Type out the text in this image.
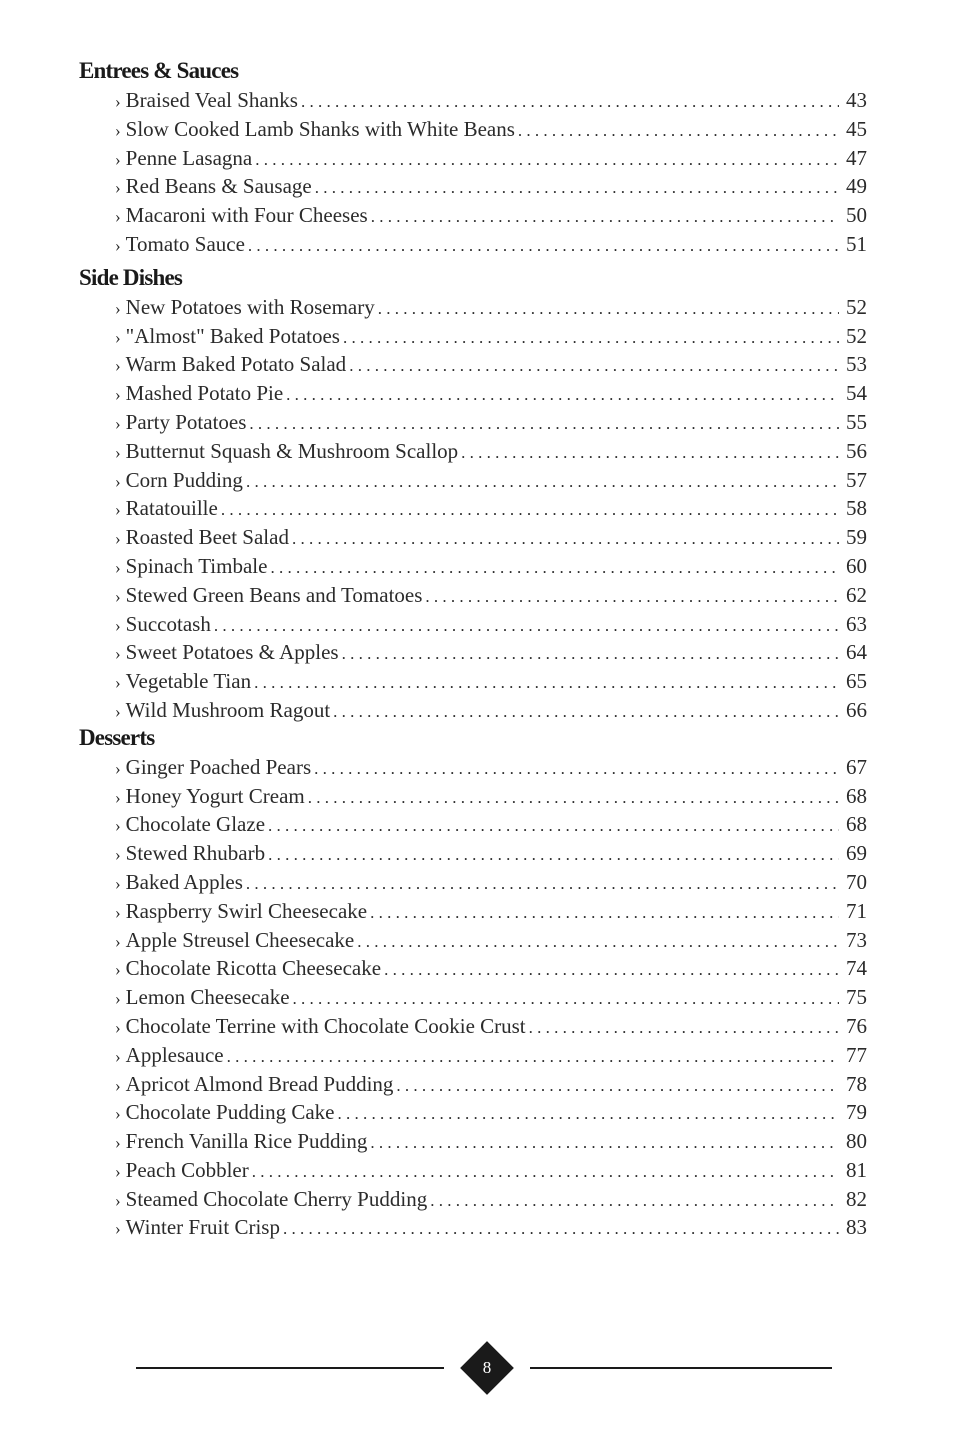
Entrees & Sauces
› Braised Veal Shanks . . .	43
› Slow Cooked Lamb Shanks with White Beans . . .	45
› Penne Lasagna . . .	47
› Red Beans & Sausage . . .	49
› Macaroni with Four Cheeses . . .	50
› Tomato Sauce . . .	51
Side Dishes
› New Potatoes with Rosemary . . .	52
› "Almost" Baked Potatoes . . .	52
› Warm Baked Potato Salad . . .	53
› Mashed Potato Pie . . .	54
› Party Potatoes . . .	55
› Butternut Squash & Mushroom Scallop . . .	56
› Corn Pudding . . .	57
› Ratatouille . . .	58
› Roasted Beet Salad . . .	59
› Spinach Timbale . . .	60
› Stewed Green Beans and Tomatoes . . .	62
› Succotash . . .	63
› Sweet Potatoes & Apples . . .	64
› Vegetable Tian . . .	65
› Wild Mushroom Ragout . . .	66
Desserts
› Ginger Poached Pears . . .	67
› Honey Yogurt Cream . . .	68
› Chocolate Glaze . . .	68
› Stewed Rhubarb . . .	69
› Baked Apples . . .	70
› Raspberry Swirl Cheesecake . . .	71
› Apple Streusel Cheesecake . . .	73
› Chocolate Ricotta Cheesecake . . .	74
› Lemon Cheesecake . . .	75
› Chocolate Terrine with Chocolate Cookie Crust . . .	76
› Applesauce . . .	77
› Apricot Almond Bread Pudding . . .	78
› Chocolate Pudding Cake . . .	79
› French Vanilla Rice Pudding . . .	80
› Peach Cobbler . . .	81
› Steamed Chocolate Cherry Pudding . . .	82
› Winter Fruit Crisp . . .	83
8
